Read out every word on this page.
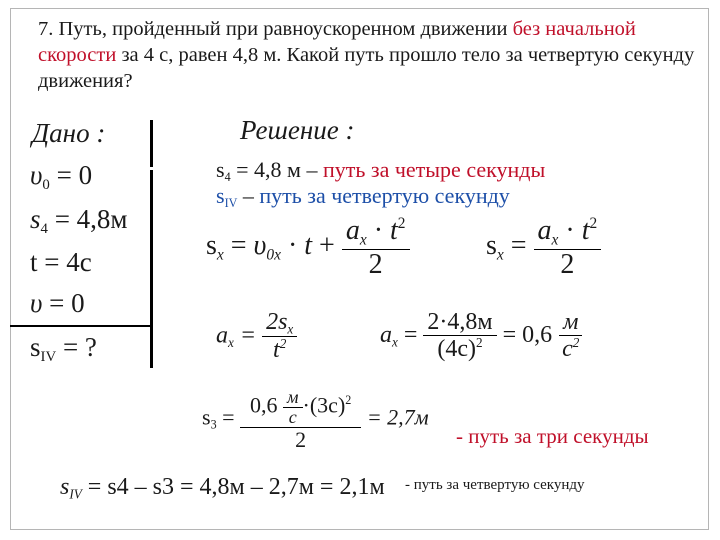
7. Путь, пройденный при равноускоренном движении без начальной скорости за 4 с, равен 4,8 м. Какой путь прошло тело за четвертую секунду движения?
Дано :
$\upsilon_0 = 0$
$s_4 = 4,8м$
t = 4c
υ = 0
$s_{IV}$ = ?
Решение :
$s_4 = 4,8$ м – путь за четыре секунды
$s_{IV}$ – путь за четвертую секунду
$s_x = \upsilon_{0x} \cdot t + \frac{a_x \cdot t^2}{2}$	$s_x = \frac{a_x \cdot t^2}{2}$
$a_x = \frac{2s_x}{t^2}$	$a_x = \frac{2\cdot 4,8м}{(4c)^2} = 0,6 \frac{м}{c^2}$
$s_3 = \frac{0,6 \frac{м}{c} \cdot(3c)^2}{2} = 2,7м$
- путь за три секунды
$s_{IV} = s4 - s3 = 4,8м - 2,7м = 2,1м$ - путь за четвертую секунду
